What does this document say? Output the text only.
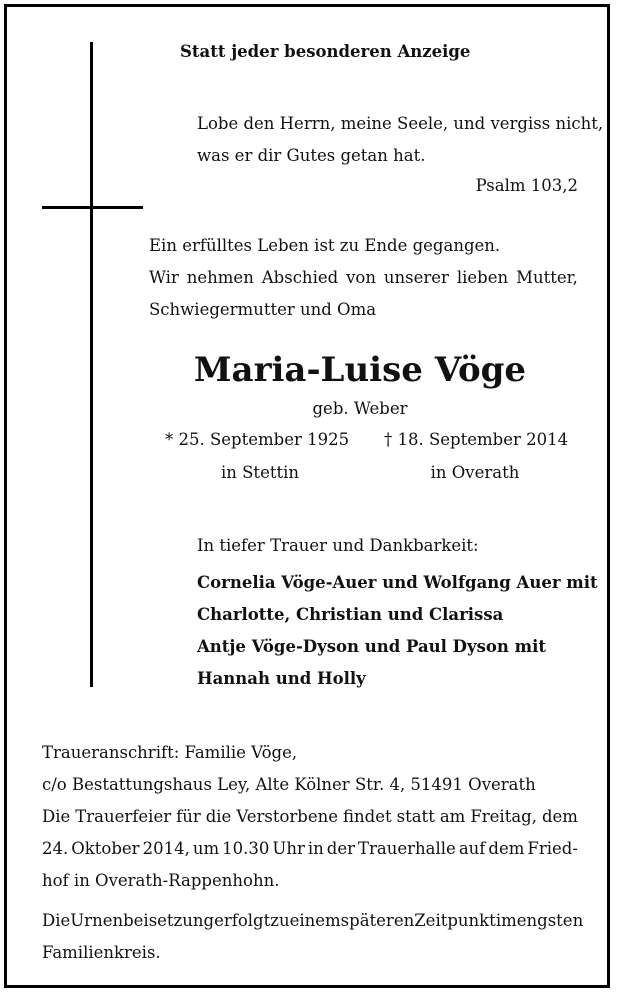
Statt jeder besonderen Anzeige
Lobe den Herrn, meine Seele, und vergiss nicht,
was er dir Gutes getan hat.
Psalm 103,2
Ein erfülltes Leben ist zu Ende gegangen.
Wir nehmen Abschied von unserer lieben Mutter,
Schwiegermutter und Oma
Maria-Luise Vöge
geb. Weber
* 25. September 1925 † 18. September 2014
in Stettin	in Overath
In tiefer Trauer und Dankbarkeit:
Cornelia Vöge-Auer und Wolfgang Auer mit
Charlotte, Christian und Clarissa
Antje Vöge-Dyson und Paul Dyson mit
Hannah und Holly
Traueranschrift: Familie Vöge,
c/o Bestattungshaus Ley, Alte Kölner Str. 4, 51491 Overath
Die Trauerfeier für die Verstorbene findet statt am Freitag, dem
24. Oktober 2014, um 10.30 Uhr in der Trauerhalle auf dem Fried-
hof in Overath-Rappenhohn.
Die Urnenbeisetzung erfolgt zu einem späteren Zeitpunkt im engsten
Familienkreis.
